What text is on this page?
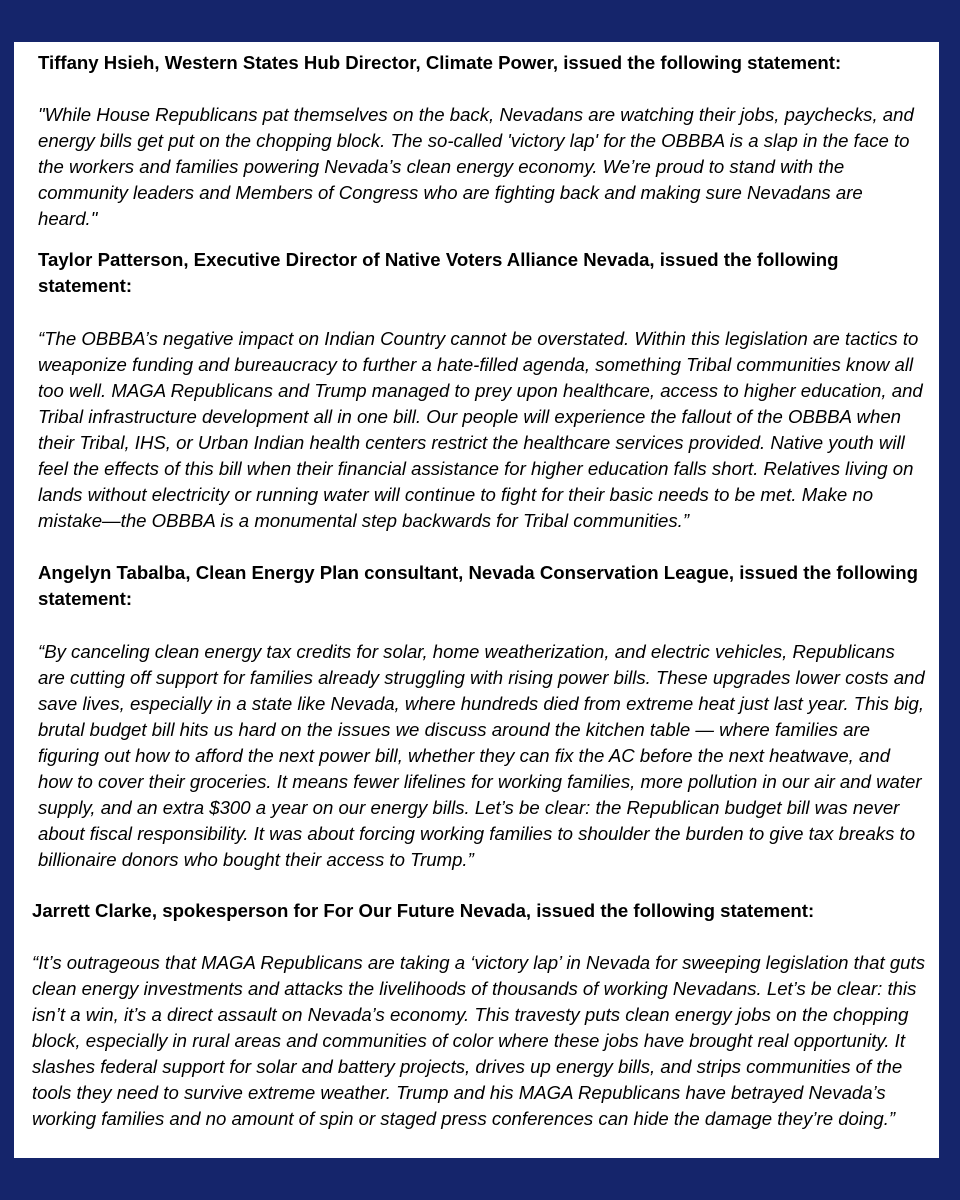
Tiffany Hsieh, Western States Hub Director, Climate Power, issued the following statement:

"While House Republicans pat themselves on the back, Nevadans are watching their jobs, paychecks, and energy bills get put on the chopping block. The so-called 'victory lap' for the OBBBA is a slap in the face to the workers and families powering Nevada’s clean energy economy. We’re proud to stand with the community leaders and Members of Congress who are fighting back and making sure Nevadans are heard."

Taylor Patterson, Executive Director of Native Voters Alliance Nevada, issued the following statement:

“The OBBBA’s negative impact on Indian Country cannot be overstated. Within this legislation are tactics to weaponize funding and bureaucracy to further a hate-filled agenda, something Tribal communities know all too well. MAGA Republicans and Trump managed to prey upon healthcare, access to higher education, and Tribal infrastructure development all in one bill. Our people will experience the fallout of the OBBBA when their Tribal, IHS, or Urban Indian health centers restrict the healthcare services provided. Native youth will feel the effects of this bill when their financial assistance for higher education falls short. Relatives living on lands without electricity or running water will continue to fight for their basic needs to be met. Make no mistake—the OBBBA is a monumental step backwards for Tribal communities.”

Angelyn Tabalba, Clean Energy Plan consultant, Nevada Conservation League, issued the following statement:

“By canceling clean energy tax credits for solar, home weatherization, and electric vehicles, Republicans are cutting off support for families already struggling with rising power bills. These upgrades lower costs and save lives, especially in a state like Nevada, where hundreds died from extreme heat just last year. This big, brutal budget bill hits us hard on the issues we discuss around the kitchen table — where families are figuring out how to afford the next power bill, whether they can fix the AC before the next heatwave, and how to cover their groceries. It means fewer lifelines for working families, more pollution in our air and water supply, and an extra $300 a year on our energy bills. Let’s be clear: the Republican budget bill was never about fiscal responsibility. It was about forcing working families to shoulder the burden to give tax breaks to billionaire donors who bought their access to Trump.”

Jarrett Clarke, spokesperson for For Our Future Nevada, issued the following statement:

“It’s outrageous that MAGA Republicans are taking a ‘victory lap’ in Nevada for sweeping legislation that guts clean energy investments and attacks the livelihoods of thousands of working Nevadans. Let’s be clear: this isn’t a win, it’s a direct assault on Nevada’s economy. This travesty puts clean energy jobs on the chopping block, especially in rural areas and communities of color where these jobs have brought real opportunity. It slashes federal support for solar and battery projects, drives up energy bills, and strips communities of the tools they need to survive extreme weather. Trump and his MAGA Republicans have betrayed Nevada’s working families and no amount of spin or staged press conferences can hide the damage they’re doing.”
